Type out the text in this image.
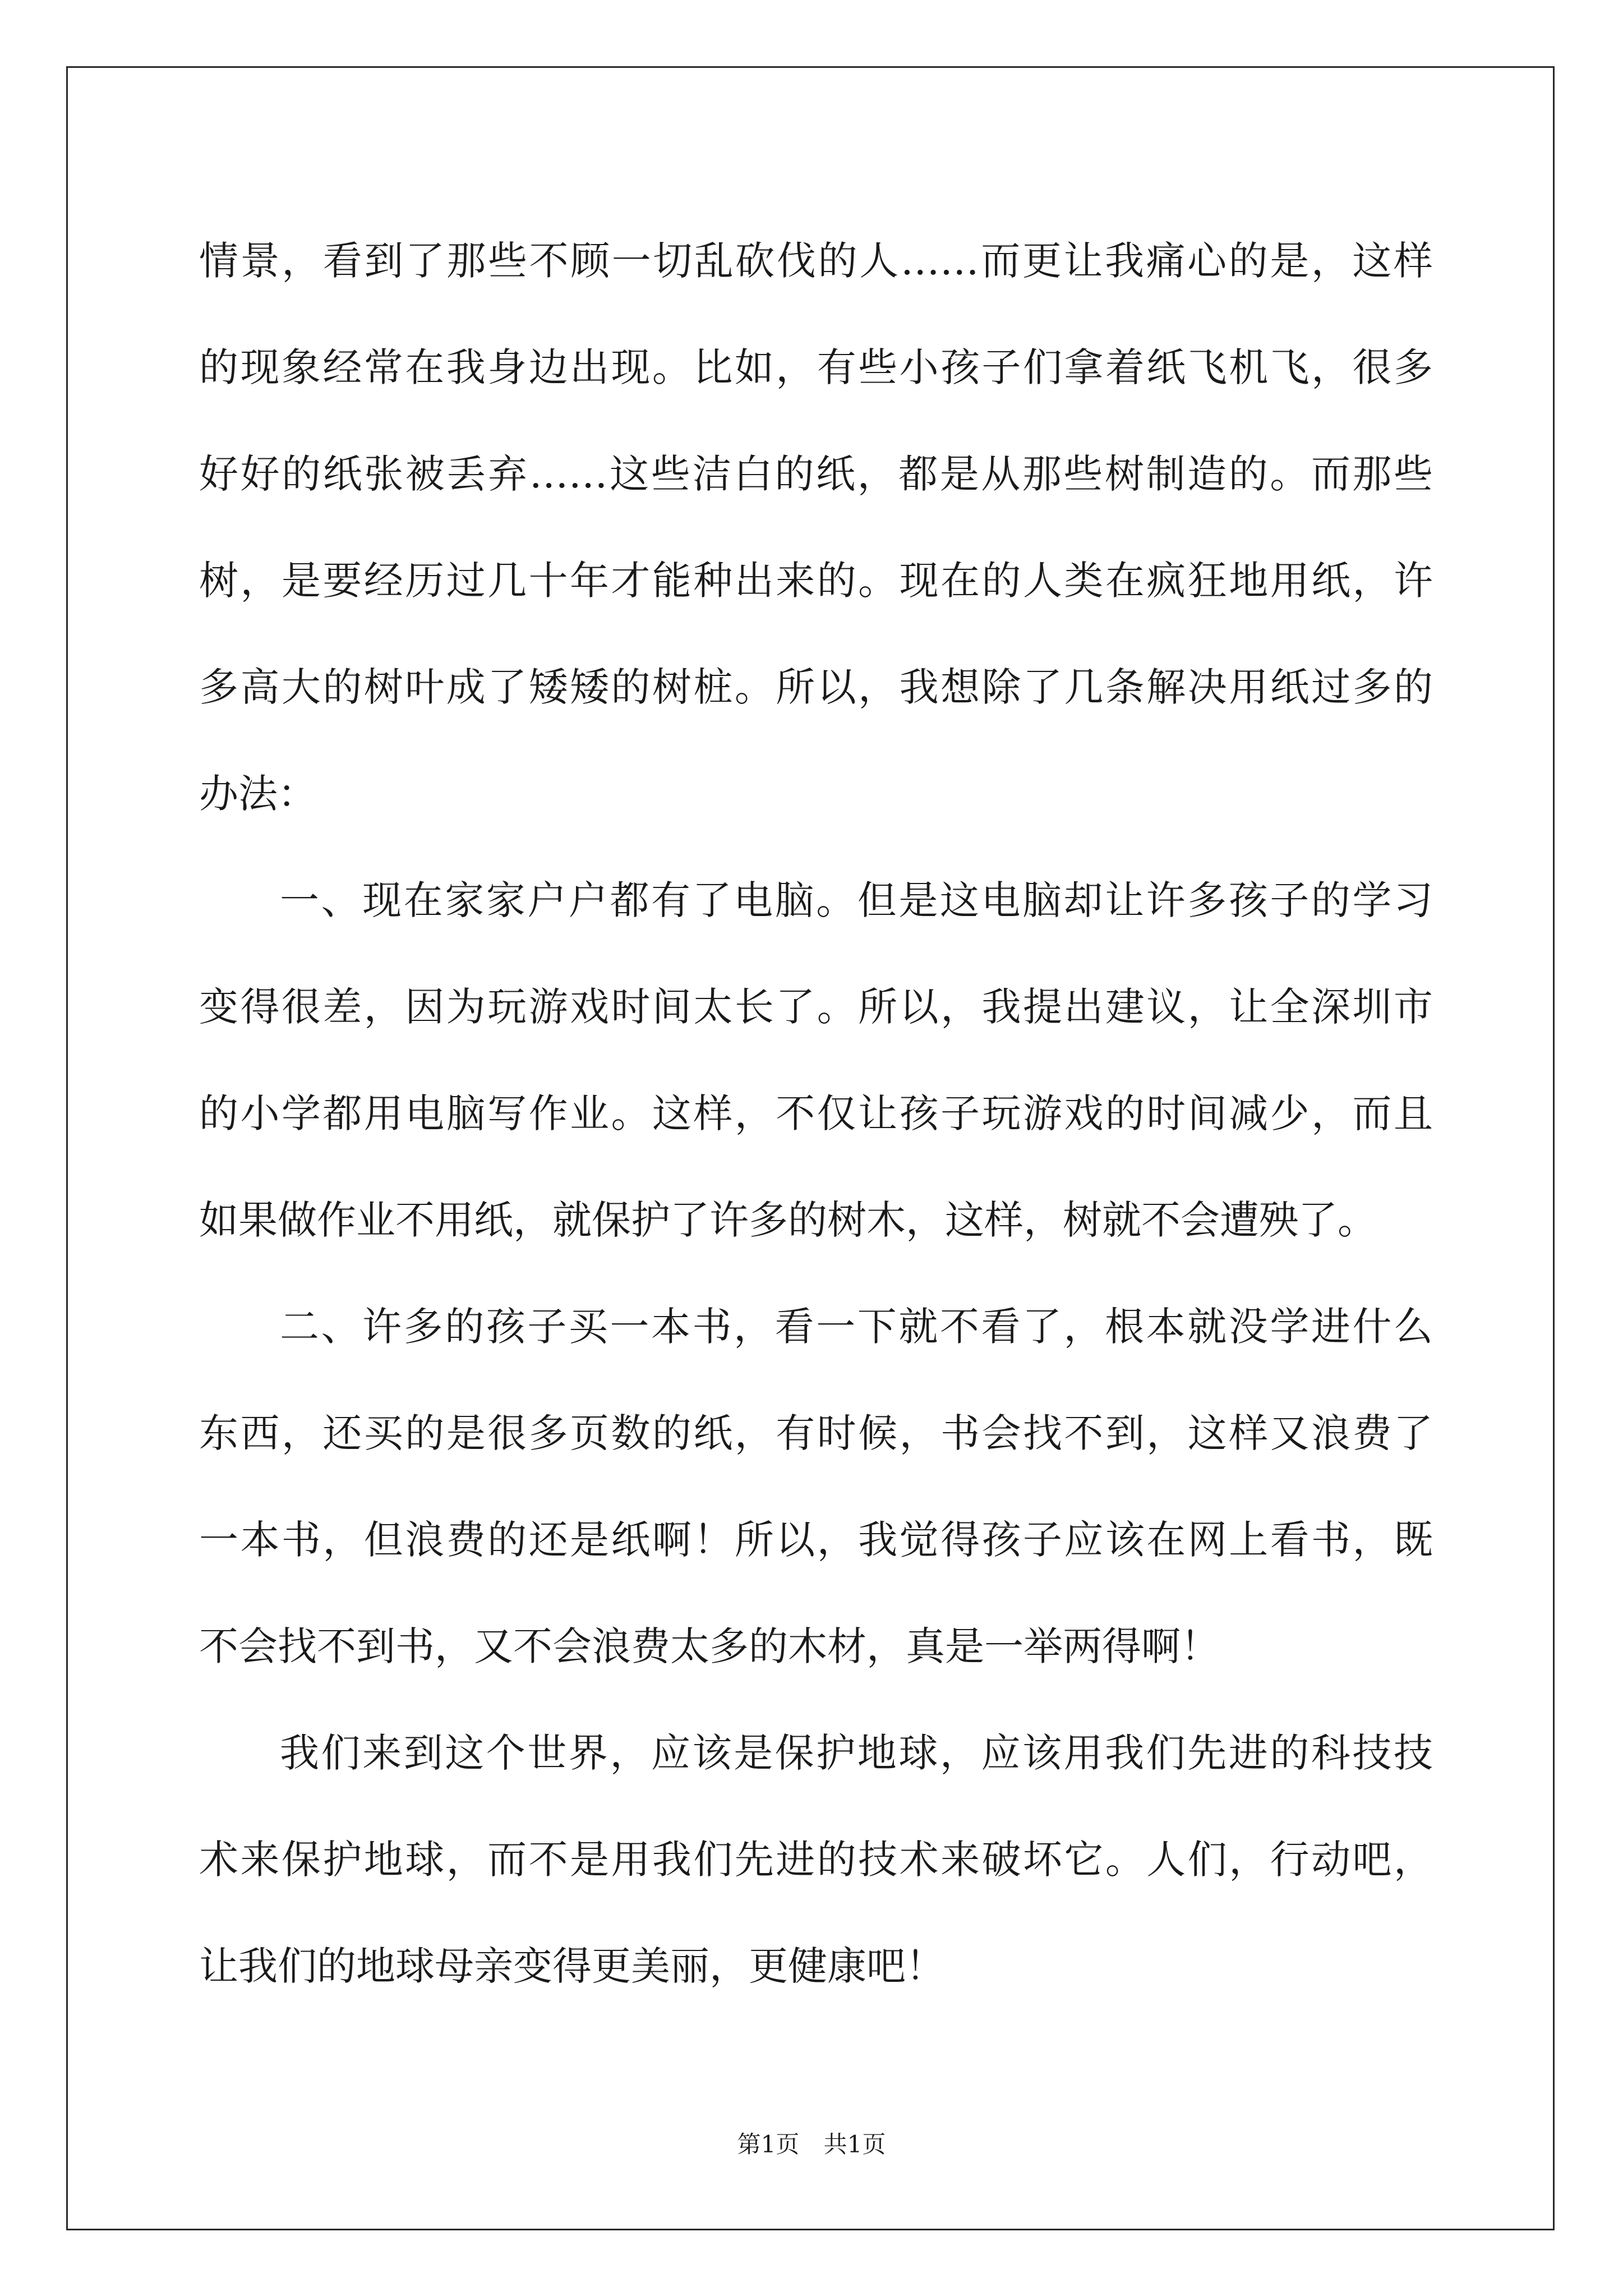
情景，看到了那些不顾一切乱砍伐的人……而更让我痛心的是，这样
的现象经常在我身边出现。比如，有些小孩子们拿着纸飞机飞，很多
好好的纸张被丢弃……这些洁白的纸，都是从那些树制造的。而那些
树，是要经历过几十年才能种出来的。现在的人类在疯狂地用纸，许
多高大的树叶成了矮矮的树桩。所以，我想除了几条解决用纸过多的
办法：
一、现在家家户户都有了电脑。但是这电脑却让许多孩子的学习
变得很差，因为玩游戏时间太长了。所以，我提出建议，让全深圳市
的小学都用电脑写作业。这样，不仅让孩子玩游戏的时间减少，而且
如果做作业不用纸，就保护了许多的树木，这样，树就不会遭殃了。
二、许多的孩子买一本书，看一下就不看了，根本就没学进什么
东西，还买的是很多页数的纸，有时候，书会找不到，这样又浪费了
一本书，但浪费的还是纸啊！所以，我觉得孩子应该在网上看书，既
不会找不到书，又不会浪费太多的木材，真是一举两得啊！
我们来到这个世界，应该是保护地球，应该用我们先进的科技技
术来保护地球，而不是用我们先进的技术来破坏它。人们，行动吧，
让我们的地球母亲变得更美丽，更健康吧！
第1页 共1页
